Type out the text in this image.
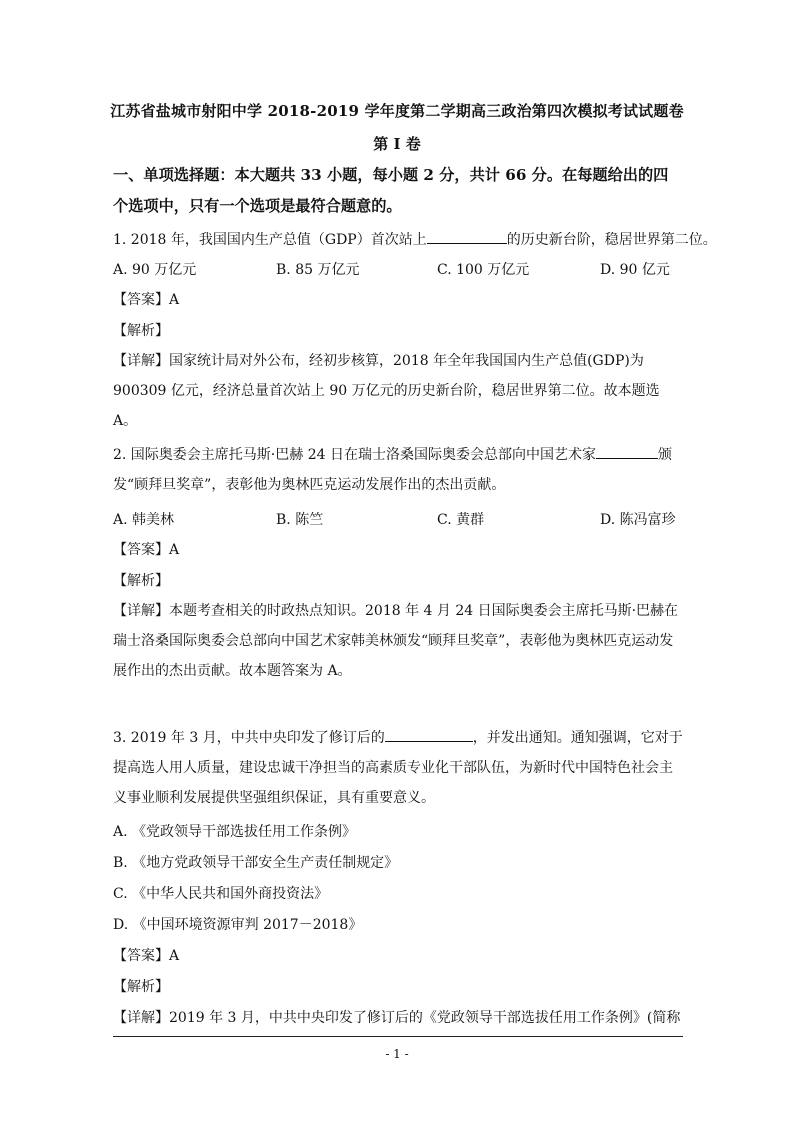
江苏省盐城市射阳中学 2018-2019 学年度第二学期高三政治第四次模拟考试试题卷
第 I 卷
一、单项选择题：本大题共 33 小题，每小题 2 分，共计 66 分。在每题给出的四个选项中，只有一个选项是最符合题意的。
1. 2018 年，我国国内生产总值（GDP）首次站上	的历史新台阶，稳居世界第二位。
A. 90 万亿元	B. 85 万亿元	C. 100 万亿元	D. 90 亿元
【答案】A
【解析】
【详解】国家统计局对外公布，经初步核算，2018 年全年我国国内生产总值(GDP)为 900309 亿元，经济总量首次站上 90 万亿元的历史新台阶，稳居世界第二位。故本题选 A。
2. 国际奥委会主席托马斯·巴赫 24 日在瑞士洛桑国际奥委会总部向中国艺术家	颁发“顾拜旦奖章”，表彰他为奥林匹克运动发展作出的杰出贡献。
A. 韩美林	B. 陈竺	C. 黄群	D. 陈冯富珍
【答案】A
【解析】
【详解】本题考查相关的时政热点知识。2018 年 4 月 24 日国际奥委会主席托马斯·巴赫在瑞士洛桑国际奥委会总部向中国艺术家韩美林颁发“顾拜旦奖章”，表彰他为奥林匹克运动发展作出的杰出贡献。故本题答案为 A。
3. 2019 年 3 月，中共中央印发了修订后的	，并发出通知。通知强调，它对于提高选人用人质量，建设忠诚干净担当的高素质专业化干部队伍，为新时代中国特色社会主义事业顺利发展提供坚强组织保证，具有重要意义。
A. 《党政领导干部选拔任用工作条例》
B. 《地方党政领导干部安全生产责任制规定》
C. 《中华人民共和国外商投资法》
D. 《中国环境资源审判 2017－2018》
【答案】A
【解析】
【详解】2019 年 3 月，中共中央印发了修订后的《党政领导干部选拔任用工作条例》(简称
- 1 -
